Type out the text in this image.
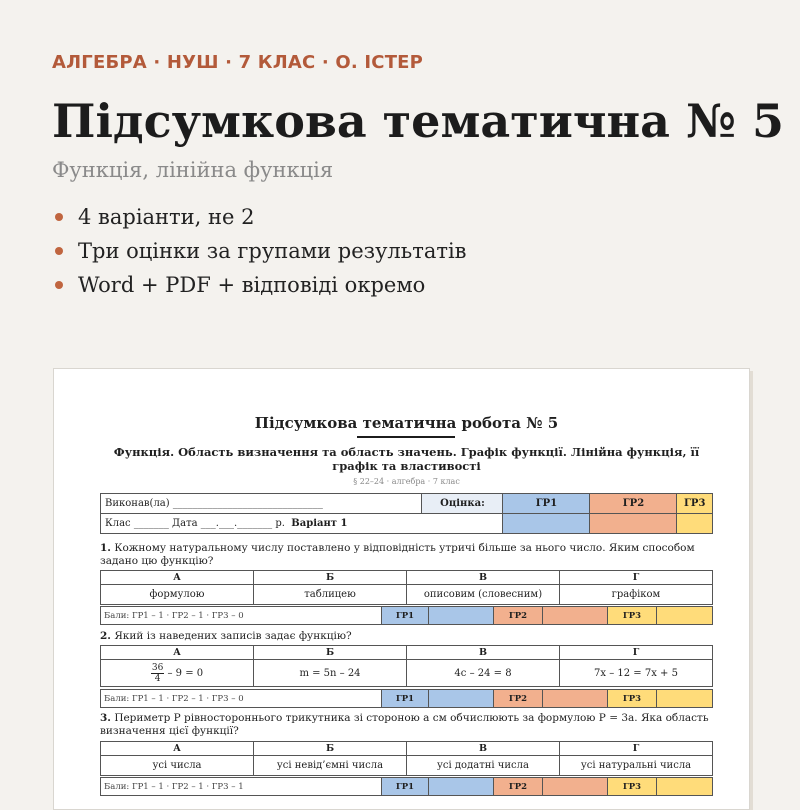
АЛГЕБРА · НУШ · 7 КЛАС · О. ІСТЕР
Підсумкова тематична № 5
Функція, лінійна функція
4 варіанти, не 2
Три оцінки за групами результатів
Word + PDF + відповіді окремо
Підсумкова тематична робота № 5
Функція. Область визначення та область значень. Графік функції. Лінійна функція, її графік та властивості
§ 22–24 · алгебра · 7 клас
Виконав(ла) ______________________________	Оцінка:	ГР1	ГР2	ГР3
Клас _______ Дата ___.___._______ р. Варіант 1				
1. Кожному натуральному числу поставлено у відповідність утричі більше за нього число. Яким способом задано цю функцію?
А	Б	В	Г
формулою	таблицею	описовим (словесним)	графіком
Бали: ГР1 – 1 · ГР2 – 1 · ГР3 – 0	ГР1		ГР2		ГР3	
2. Який із наведених записів задає функцію?
А	Б	В	Г

$\frac{36}{4} - 9 = 0$	m = 5n – 24	4c – 24 = 8	7x – 12 = 7x + 5
Бали: ГР1 – 1 · ГР2 – 1 · ГР3 – 0	ГР1		ГР2		ГР3	
3. Периметр P рівностороннього трикутника зі стороною a см обчислюють за формулою P = 3a. Яка область визначення цієї функції?
А	Б	В	Г
усі числа	усі невід’ємні числа	усі додатні числа	усі натуральні числа
Бали: ГР1 – 1 · ГР2 – 1 · ГР3 – 1	ГР1		ГР2		ГР3	
